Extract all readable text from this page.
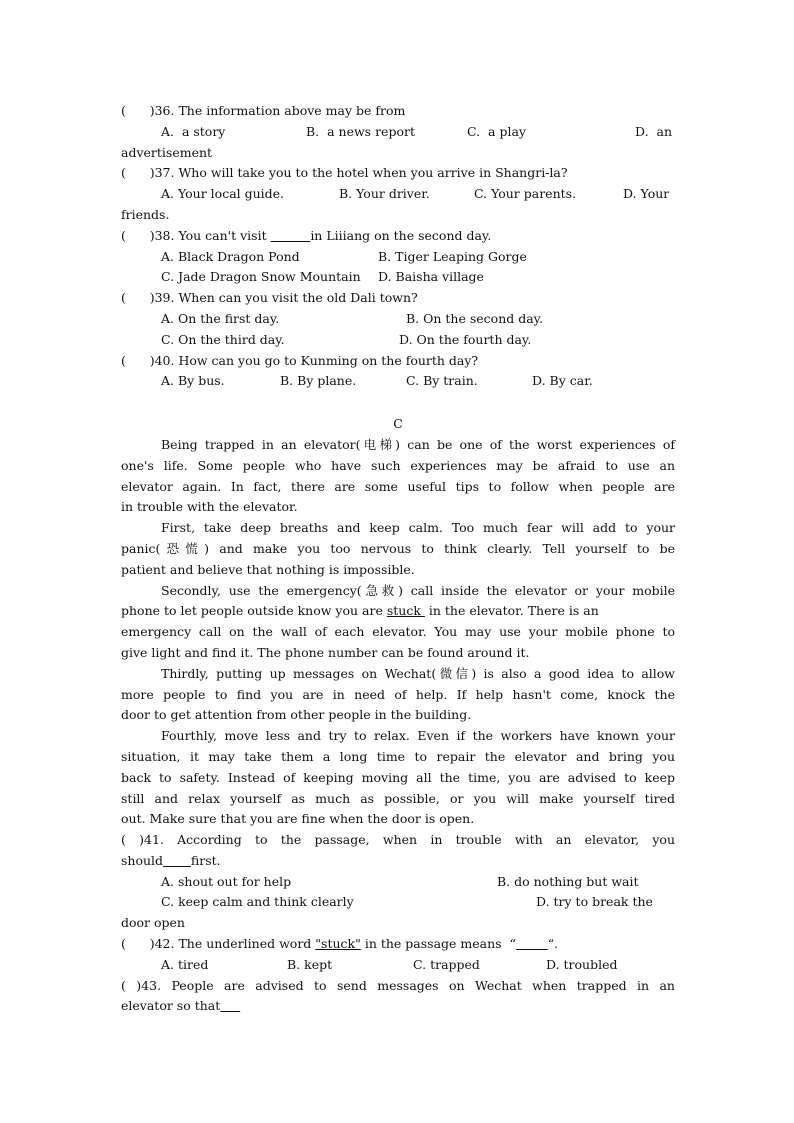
(      )36. The information above may be from

A.  a story

	B.  a news report

	C.  a play

	D.  an

advertisement
(      )37. Who will take you to the hotel when you arrive in Shangri-la?

A. Your local guide.

	B. Your driver.

	C. Your parents.

	D. Your

friends.
(      )38. You can't visit	in Liiiang on the second day.

A. Black Dragon Pond

	B. Tiger Leaping Gorge

C. Jade Dragon Snow Mountain

D. Baisha village

(      )39. When can you visit the old Dali town?

A. On the first day.

	B. On the second day.

C. On the third day.

	D. On the fourth day.

(      )40. How can you go to Kunming on the fourth day?

A. By bus.

	B. By plane.

	C. By train.

	D. By car.

C
Being trapped in an elevator(电梯) can be one of the worst experiences of
one's life. Some people who have such experiences may be afraid to use an
elevator again. In fact, there are some useful tips to follow when people are
in trouble with the elevator.
First, take deep breaths and keep calm. Too much fear will add to your
panic(恐慌) and make you too nervous to think clearly. Tell yourself to be
patient and believe that nothing is impossible.
Secondly, use the emergency(急救) call inside the elevator or your mobile
phone to let people outside know you are stuck  in the elevator. There is an
emergency call on the wall of each elevator. You may use your mobile phone to
give light and find it. The phone number can be found around it.
Thirdly, putting up messages on Wechat(微信) is also a good idea to allow
more people to find you are in need of help. If help hasn't come, knock the
door to get attention from other people in the building.
Fourthly, move less and try to relax. Even if the workers have known your
situation, it may take them a long time to repair the elevator and bring you
back to safety. Instead of keeping moving all the time, you are advised to keep
still and relax yourself as much as possible, or you will make yourself tired
out. Make sure that you are fine when the door is open.
( )41. According to the passage, when in trouble with an elevator, you
should first.

A. shout out for help

	B. do nothing but wait

C. keep calm and think clearly

	D. try to break the

door open
(      )42. The underlined word "stuck" in the passage means  “	“.

A. tired

	B. kept

	C. trapped

	D. troubled

( )43. People are advised to send messages on Wechat when trapped in an
elevator so that
